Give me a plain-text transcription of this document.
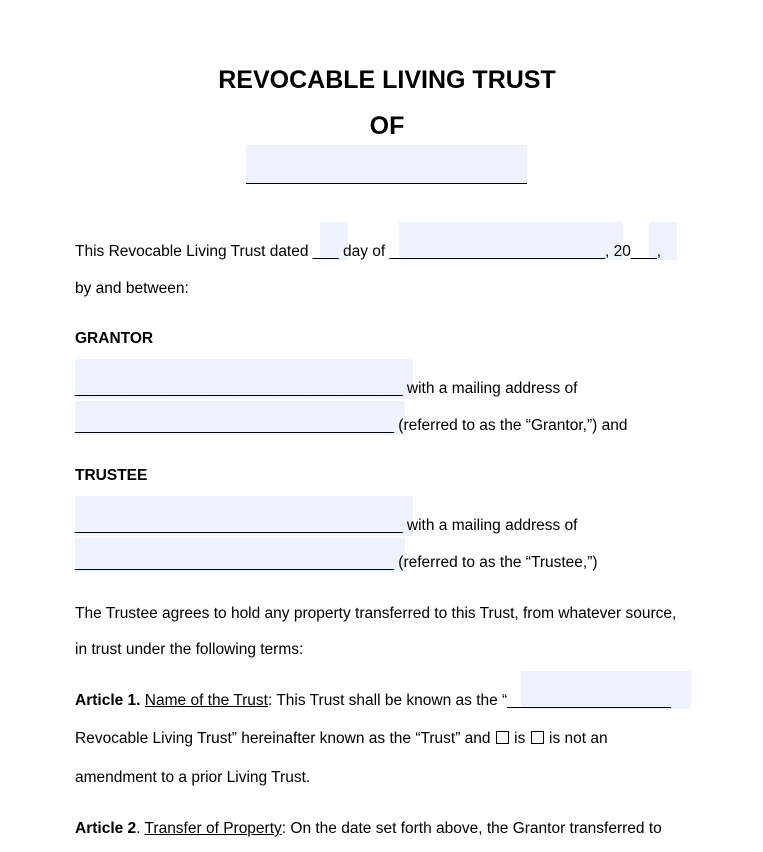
REVOCABLE LIVING TRUST
OF
This Revocable Living Trust dated ___ day of _________________________, 20___,
by and between:
GRANTOR
______________________________________ with a mailing address of
_____________________________________ (referred to as the “Grantor,”) and
TRUSTEE
______________________________________ with a mailing address of
_____________________________________ (referred to as the “Trustee,”)
The Trustee agrees to hold any property transferred to this Trust, from whatever source,
in trust under the following terms:
Article 1. Name of the Trust: This Trust shall be known as the “___________________
Revocable Living Trust” hereinafter known as the “Trust” and is is not an
amendment to a prior Living Trust.
Article 2. Transfer of Property: On the date set forth above, the Grantor transferred to
